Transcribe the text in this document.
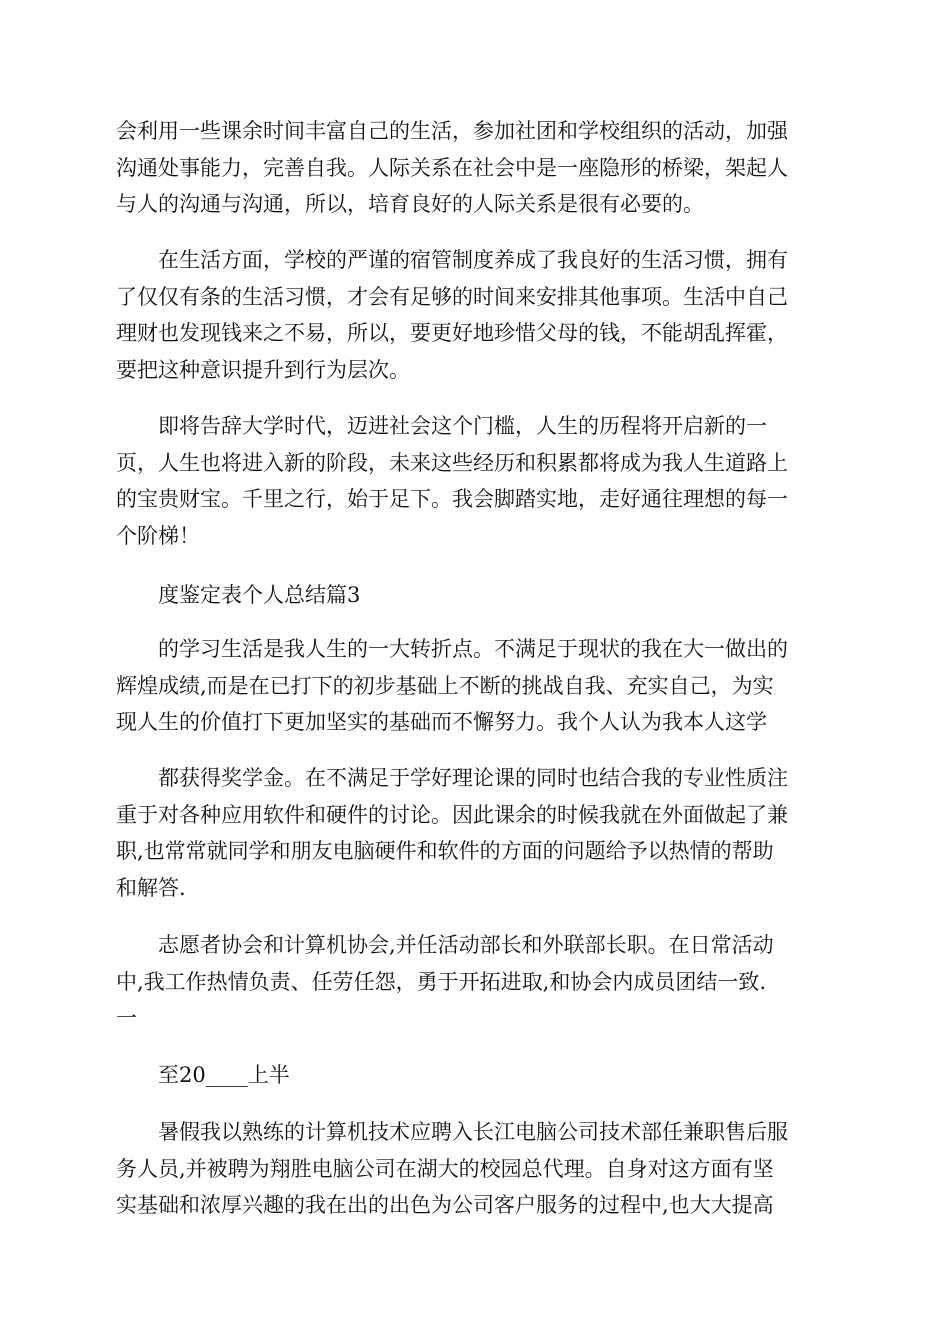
会利用一些课余时间丰富自己的生活，参加社团和学校组织的活动，加强
沟通处事能力，完善自我。人际关系在社会中是一座隐形的桥梁，架起人
与人的沟通与沟通，所以，培育良好的人际关系是很有必要的。

在生活方面，学校的严谨的宿管制度养成了我良好的生活习惯，拥有
了仅仅有条的生活习惯，才会有足够的时间来安排其他事项。生活中自己
理财也发现钱来之不易，所以，要更好地珍惜父母的钱，不能胡乱挥霍，
要把这种意识提升到行为层次。

即将告辞大学时代，迈进社会这个门槛，人生的历程将开启新的一
页，人生也将进入新的阶段，未来这些经历和积累都将成为我人生道路上
的宝贵财宝。千里之行，始于足下。我会脚踏实地，走好通往理想的每一
个阶梯！

度鉴定表个人总结篇3

的学习生活是我人生的一大转折点。不满足于现状的我在大一做出的
辉煌成绩,而是在已打下的初步基础上不断的挑战自我、充实自己，为实
现人生的价值打下更加坚实的基础而不懈努力。我个人认为我本人这学

都获得奖学金。在不满足于学好理论课的同时也结合我的专业性质注
重于对各种应用软件和硬件的讨论。因此课余的时候我就在外面做起了兼
职,也常常就同学和朋友电脑硬件和软件的方面的问题给予以热情的帮助
和解答.

志愿者协会和计算机协会,并任活动部长和外联部长职。在日常活动
中,我工作热情负责、任劳任怨，勇于开拓进取,和协会内成员团结一致.
一

至20____上半

暑假我以熟练的计算机技术应聘入长江电脑公司技术部任兼职售后服
务人员,并被聘为翔胜电脑公司在湖大的校园总代理。自身对这方面有坚
实基础和浓厚兴趣的我在出的出色为公司客户服务的过程中,也大大提高
